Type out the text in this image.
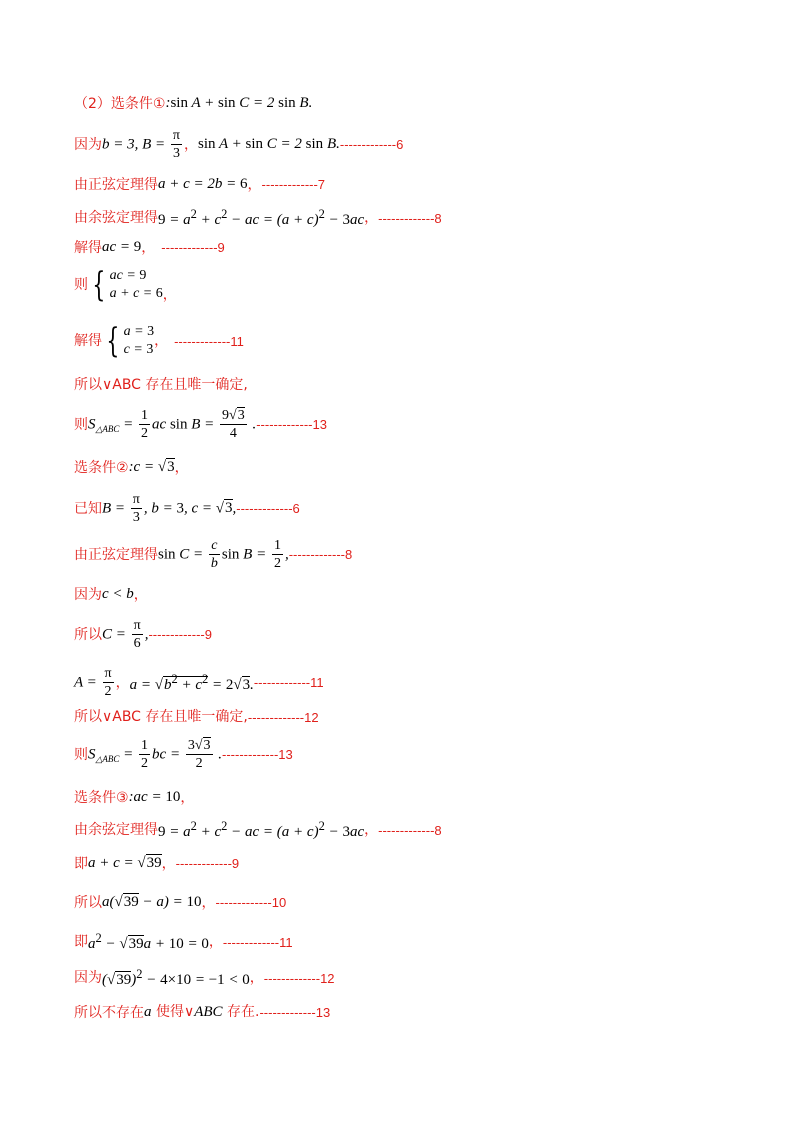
（2）选条件① :sin A + sin C = 2 sin B.
因为 b = 3, $B = \frac{\pi}{3}$ ， sin A + sin C = 2 sin B. -------------6
由正弦定理得 a + c = 2b = 6 ， -------------7
由余弦定理得 $9 = a^2 + c^2$ − ac = $(a + c)^2 - 3ac$ ， -------------8
解得 ac = 9 ， -------------9
则 { ac = 9
a + c = 6 ，
解得 { a = 3
c = 3
， -------------11
所以∨ABC 存在且唯一确定,
则 $S_{\triangle ABC} = \frac{1}{2}$ ac $\sin B = \frac{9√3}{4}$ . -------------13
选条件② :c = √3 ，
已知 $B = \frac{\pi}{3}$ , b = 3, c = √3, -------------6
由正弦定理得 $\sin C = \frac{c}{b}$ $\sin B = \frac{1}{2}$ , -------------8
因为 c < b ，
所以 $C = \frac{\pi}{6}$ , -------------9
$A = \frac{\pi}{2}$ ， $a = √b^2 + c^2 = 2√3$. -------------11
所以∨ABC 存在且唯一确定, -------------12
则 $S_{\triangle ABC} = \frac{1}{2}$ bc = $\frac{3√3}{2}$ . -------------13
选条件③ :ac = 10 ，
由余弦定理得 $9 = a^2 + c^2$ − ac = $(a + c)^2 - 3ac$ ， -------------8
即 a + c = √39 ， -------------9
所以 a(√39 − a) = 10 ， -------------10
即 $a^2 - √39a + 10 = 0$ ， -------------11
因为 $(√39)^2 - 4\times 10 = -1 < 0$ ， -------------12
所以不存在 a 使得∨ABC 存在. -------------13
